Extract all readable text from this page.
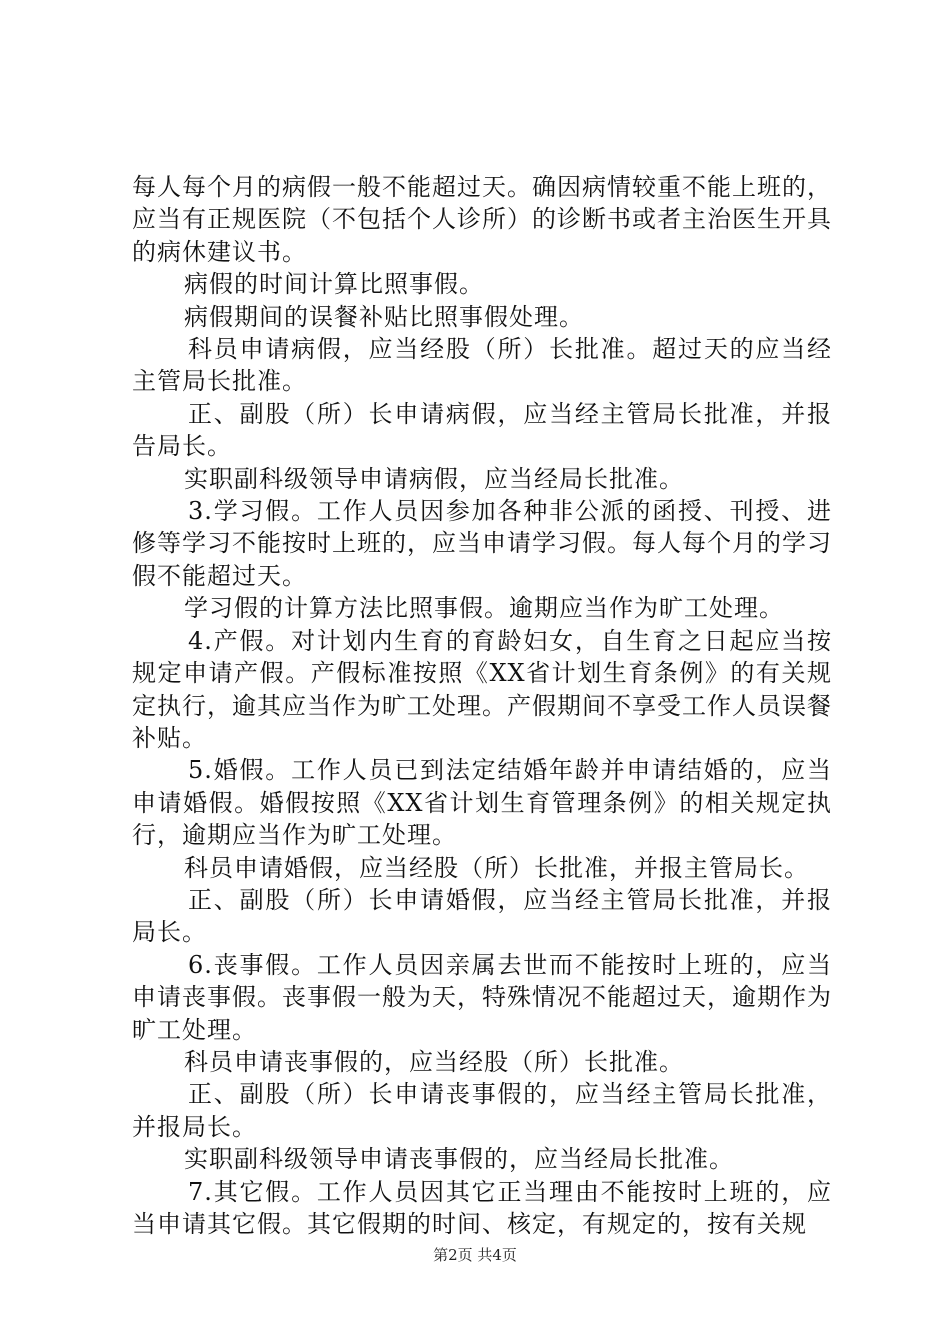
每人每个月的病假一般不能超过天。确因病情较重不能上班的，应当有正规医院（不包括个人诊所）的诊断书或者主治医生开具的病休建议书。

病假的时间计算比照事假。

病假期间的误餐补贴比照事假处理。

科员申请病假，应当经股（所）长批准。超过天的应当经主管局长批准。

正、副股（所）长申请病假，应当经主管局长批准，并报告局长。

实职副科级领导申请病假，应当经局长批准。

3.学习假。工作人员因参加各种非公派的函授、刊授、进修等学习不能按时上班的，应当申请学习假。每人每个月的学习假不能超过天。

学习假的计算方法比照事假。逾期应当作为旷工处理。

4.产假。对计划内生育的育龄妇女，自生育之日起应当按规定申请产假。产假标准按照《XX省计划生育条例》的有关规定执行，逾其应当作为旷工处理。产假期间不享受工作人员误餐补贴。

5.婚假。工作人员已到法定结婚年龄并申请结婚的，应当申请婚假。婚假按照《XX省计划生育管理条例》的相关规定执行，逾期应当作为旷工处理。

科员申请婚假，应当经股（所）长批准，并报主管局长。

正、副股（所）长申请婚假，应当经主管局长批准，并报局长。

6.丧事假。工作人员因亲属去世而不能按时上班的，应当申请丧事假。丧事假一般为天，特殊情况不能超过天，逾期作为旷工处理。

科员申请丧事假的，应当经股（所）长批准。

正、副股（所）长申请丧事假的，应当经主管局长批准，并报局长。

实职副科级领导申请丧事假的，应当经局长批准。

7.其它假。工作人员因其它正当理由不能按时上班的，应当申请其它假。其它假期的时间、核定，有规定的，按有关规

第2页 共4页
